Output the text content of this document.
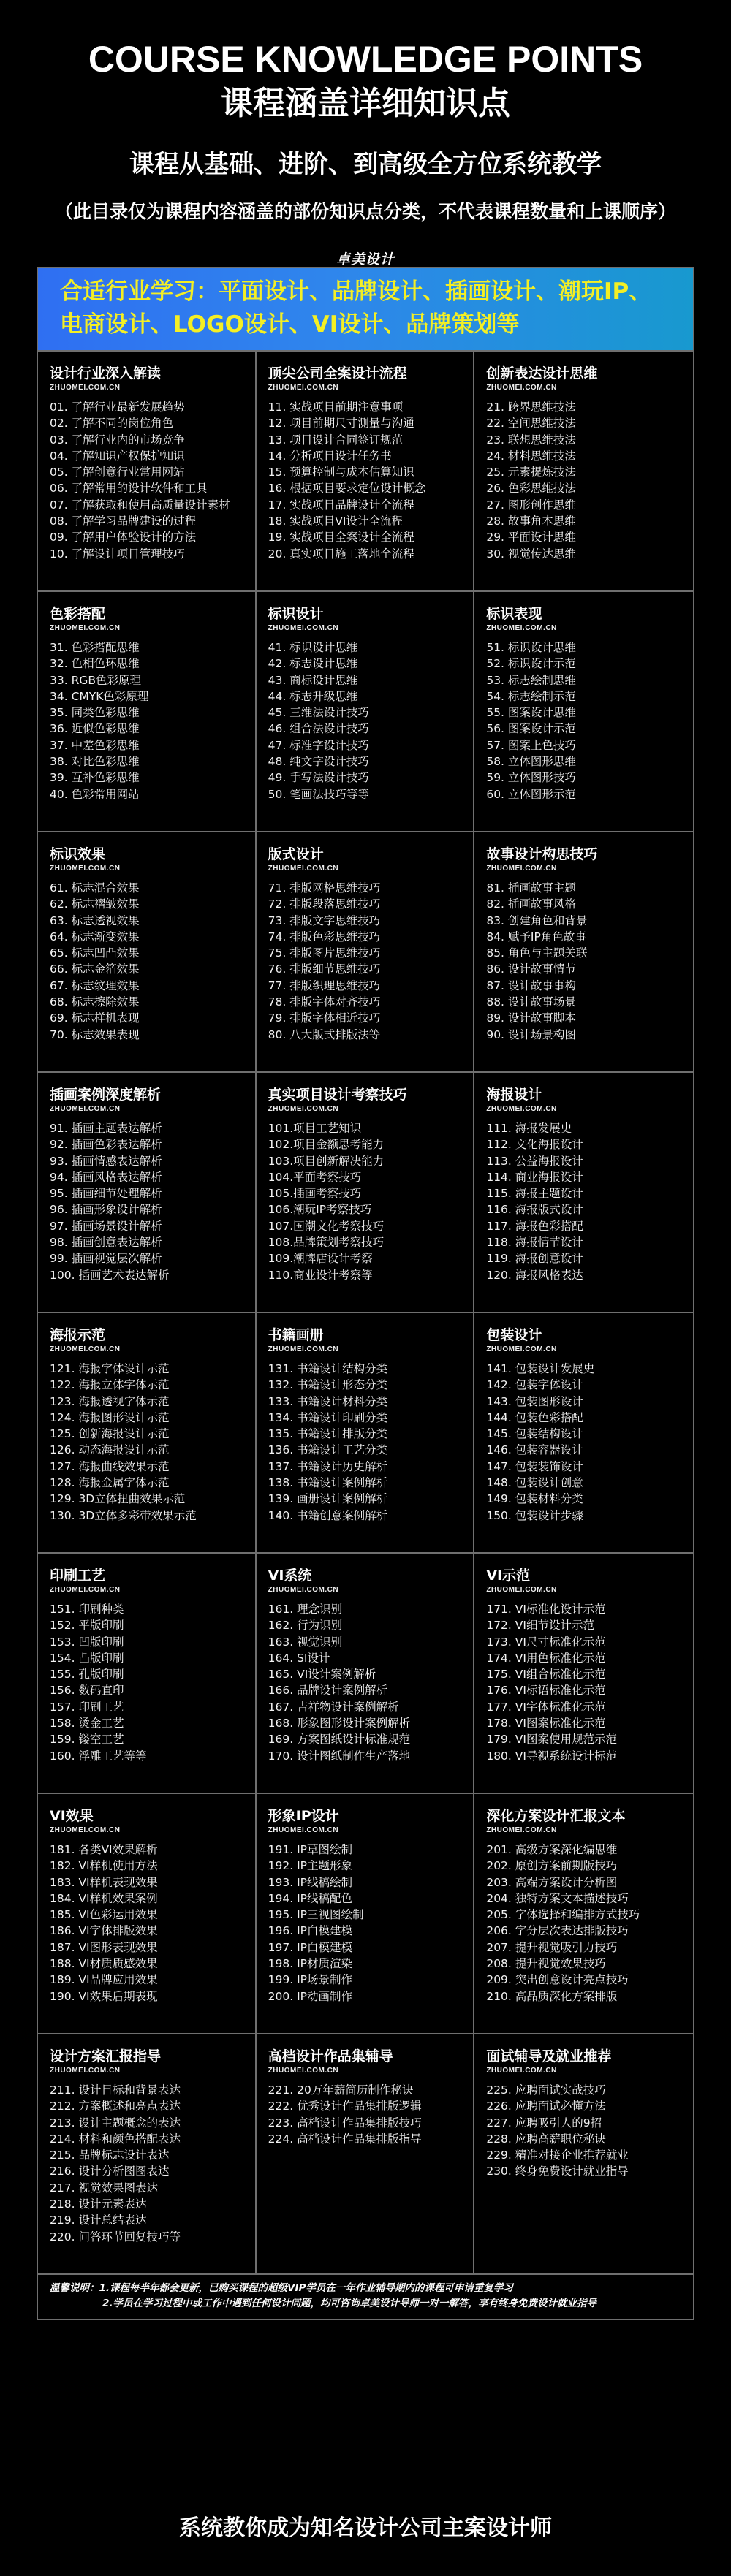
COURSE KNOWLEDGE POINTS
课程涵盖详细知识点
课程从基础、进阶、到高级全方位系统教学
（此目录仅为课程内容涵盖的部份知识点分类，不代表课程数量和上课顺序）
卓美设计
合适行业学习：平面设计、品牌设计、插画设计、潮玩IP、
电商设计、LOGO设计、VI设计、品牌策划等
设计行业深入解读
ZHUOMEI.COM.CN
01. 了解行业最新发展趋势
02. 了解不同的岗位角色
03. 了解行业内的市场竞争
04. 了解知识产权保护知识
05. 了解创意行业常用网站
06. 了解常用的设计软件和工具
07. 了解获取和使用高质量设计素材
08. 了解学习品牌建设的过程
09. 了解用户体验设计的方法
10. 了解设计项目管理技巧
顶尖公司全案设计流程
ZHUOMEI.COM.CN
11. 实战项目前期注意事项
12. 项目前期尺寸测量与沟通
13. 项目设计合同签订规范
14. 分析项目设计任务书
15. 预算控制与成本估算知识
16. 根据项目要求定位设计概念
17. 实战项目品牌设计全流程
18. 实战项目VI设计全流程
19. 实战项目全案设计全流程
20. 真实项目施工落地全流程
创新表达设计思维
ZHUOMEI.COM.CN
21. 跨界思维技法
22. 空间思维技法
23. 联想思维技法
24. 材料思维技法
25. 元素提炼技法
26. 色彩思维技法
27. 图形创作思维
28. 故事角本思维
29. 平面设计思维
30. 视觉传达思维
色彩搭配
ZHUOMEI.COM.CN
31. 色彩搭配思维
32. 色相色环思维
33. RGB色彩原理
34. CMYK色彩原理
35. 同类色彩思维
36. 近似色彩思维
37. 中差色彩思维
38. 对比色彩思维
39. 互补色彩思维
40. 色彩常用网站
标识设计
ZHUOMEI.COM.CN
41. 标识设计思维
42. 标志设计思维
43. 商标设计思维
44. 标志升级思维
45. 三维法设计技巧
46. 组合法设计技巧
47. 标准字设计技巧
48. 纯文字设计技巧
49. 手写法设计技巧
50. 笔画法技巧等等
标识表现
ZHUOMEI.COM.CN
51. 标识设计思维
52. 标识设计示范
53. 标志绘制思维
54. 标志绘制示范
55. 图案设计思维
56. 图案设计示范
57. 图案上色技巧
58. 立体图形思维
59. 立体图形技巧
60. 立体图形示范
标识效果
ZHUOMEI.COM.CN
61. 标志混合效果
62. 标志褶皱效果
63. 标志透视效果
64. 标志渐变效果
65. 标志凹凸效果
66. 标志金箔效果
67. 标志纹理效果
68. 标志擦除效果
69. 标志样机表现
70. 标志效果表现
版式设计
ZHUOMEI.COM.CN
71. 排版网格思维技巧
72. 排版段落思维技巧
73. 排版文字思维技巧
74. 排版色彩思维技巧
75. 排版图片思维技巧
76. 排版细节思维技巧
77. 排版织理思维技巧
78. 排版字体对齐技巧
79. 排版字体相近技巧
80. 八大版式排版法等
故事设计构思技巧
ZHUOMEI.COM.CN
81. 插画故事主题
82. 插画故事风格
83. 创建角色和背景
84. 赋予IP角色故事
85. 角色与主题关联
86. 设计故事情节
87. 设计故事事构
88. 设计故事场景
89. 设计故事脚本
90. 设计场景构图
插画案例深度解析
ZHUOMEI.COM.CN
91. 插画主题表达解析
92. 插画色彩表达解析
93. 插画情感表达解析
94. 插画风格表达解析
95. 插画细节处理解析
96. 插画形象设计解析
97. 插画场景设计解析
98. 插画创意表达解析
99. 插画视觉层次解析
100. 插画艺术表达解析
真实项目设计考察技巧
ZHUOMEI.COM.CN
101.项目工艺知识
102.项目金额思考能力
103.项目创新解决能力
104.平面考察技巧
105.插画考察技巧
106.潮玩IP考察技巧
107.国潮文化考察技巧
108.品牌策划考察技巧
109.潮牌店设计考察
110.商业设计考察等
海报设计
ZHUOMEI.COM.CN
111. 海报发展史
112. 文化海报设计
113. 公益海报设计
114. 商业海报设计
115. 海报主题设计
116. 海报版式设计
117. 海报色彩搭配
118. 海报情节设计
119. 海报创意设计
120. 海报风格表达
海报示范
ZHUOMEI.COM.CN
121. 海报字体设计示范
122. 海报立体字体示范
123. 海报透视字体示范
124. 海报图形设计示范
125. 创新海报设计示范
126. 动态海报设计示范
127. 海报曲线效果示范
128. 海报金属字体示范
129. 3D立体扭曲效果示范
130. 3D立体多彩带效果示范
书籍画册
ZHUOMEI.COM.CN
131. 书籍设计结构分类
132. 书籍设计形态分类
133. 书籍设计材料分类
134. 书籍设计印刷分类
135. 书籍设计排版分类
136. 书籍设计工艺分类
137. 书籍设计历史解析
138. 书籍设计案例解析
139. 画册设计案例解析
140. 书籍创意案例解析
包装设计
ZHUOMEI.COM.CN
141. 包装设计发展史
142. 包装字体设计
143. 包装图形设计
144. 包装色彩搭配
145. 包装结构设计
146. 包装容器设计
147. 包装装饰设计
148. 包装设计创意
149. 包装材料分类
150. 包装设计步骤
印刷工艺
ZHUOMEI.COM.CN
151. 印刷种类
152. 平版印刷
153. 凹版印刷
154. 凸版印刷
155. 孔版印刷
156. 数码直印
157. 印刷工艺
158. 烫金工艺
159. 镂空工艺
160. 浮雕工艺等等
VI系统
ZHUOMEI.COM.CN
161. 理念识别
162. 行为识别
163. 视觉识别
164. SI设计
165. VI设计案例解析
166. 品牌设计案例解析
167. 吉祥物设计案例解析
168. 形象图形设计案例解析
169. 方案图纸设计标准规范
170. 设计图纸制作生产落地
VI示范
ZHUOMEI.COM.CN
171. VI标准化设计示范
172. VI细节设计示范
173. VI尺寸标准化示范
174. VI用色标准化示范
175. VI组合标准化示范
176. VI标语标准化示范
177. VI字体标准化示范
178. VI图案标准化示范
179. VI图案使用规范示范
180. VI导视系统设计标范
VI效果
ZHUOMEI.COM.CN
181. 各类VI效果解析
182. VI样机使用方法
183. VI样机表现效果
184. VI样机效果案例
185. VI色彩运用效果
186. VI字体排版效果
187. VI图形表现效果
188. VI材质质感效果
189. VI品牌应用效果
190. VI效果后期表现
形象IP设计
ZHUOMEI.COM.CN
191. IP草图绘制
192. IP主题形象
193. IP线稿绘制
194. IP线稿配色
195. IP三视图绘制
196. IP白模建模
197. IP白模建模
198. IP材质渲染
199. IP场景制作
200. IP动画制作
深化方案设计汇报文本
ZHUOMEI.COM.CN
201. 高级方案深化编思维
202. 原创方案前期版技巧
203. 高端方案设计分析图
204. 独特方案文本描述技巧
205. 字体选择和编排方式技巧
206. 字分层次表达排版技巧
207. 提升视觉吸引力技巧
208. 提升视觉效果技巧
209. 突出创意设计亮点技巧
210. 高品质深化方案排版
设计方案汇报指导
ZHUOMEI.COM.CN
211. 设计目标和背景表达
212. 方案概述和亮点表达
213. 设计主题概念的表达
214. 材料和颜色搭配表达
215. 品牌标志设计表达
216. 设计分析图图表达
217. 视觉效果图表达
218. 设计元素表达
219. 设计总结表达
220. 问答环节回复技巧等
高档设计作品集辅导
ZHUOMEI.COM.CN
221. 20万年薪简历制作秘诀
222. 优秀设计作品集排版逻辑
223. 高档设计作品集排版技巧
224. 高档设计作品集排版指导
面试辅导及就业推荐
ZHUOMEI.COM.CN
225. 应聘面试实战技巧
226. 应聘面试必懂方法
227. 应聘吸引人的9招
228. 应聘高薪职位秘诀
229. 精准对接企业推荐就业
230. 终身免费设计就业指导
温馨说明：1.课程每半年都会更新，已购买课程的超级VIP学员在一年作业辅导期内的课程可申请重复学习
2.学员在学习过程中或工作中遇到任何设计问题，均可咨询卓美设计导师一对一解答，享有终身免费设计就业指导
系统教你成为知名设计公司主案设计师
